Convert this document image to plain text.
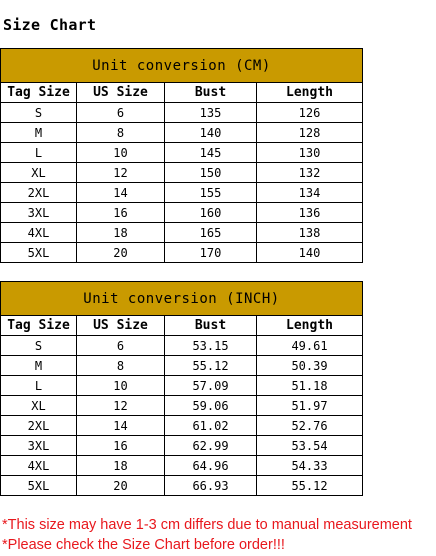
Size Chart
Unit conversion (CM)			
Tag Size	US Size	Bust	Length
S	6	135	126
M	8	140	128
L	10	145	130
XL	12	150	132
2XL	14	155	134
3XL	16	160	136
4XL	18	165	138
5XL	20	170	140
Unit conversion (INCH)			
Tag Size	US Size	Bust	Length
S	6	53.15	49.61
M	8	55.12	50.39
L	10	57.09	51.18
XL	12	59.06	51.97
2XL	14	61.02	52.76
3XL	16	62.99	53.54
4XL	18	64.96	54.33
5XL	20	66.93	55.12
*This size may have 1-3 cm differs due to manual measurement
*Please check the Size Chart before order!!!
